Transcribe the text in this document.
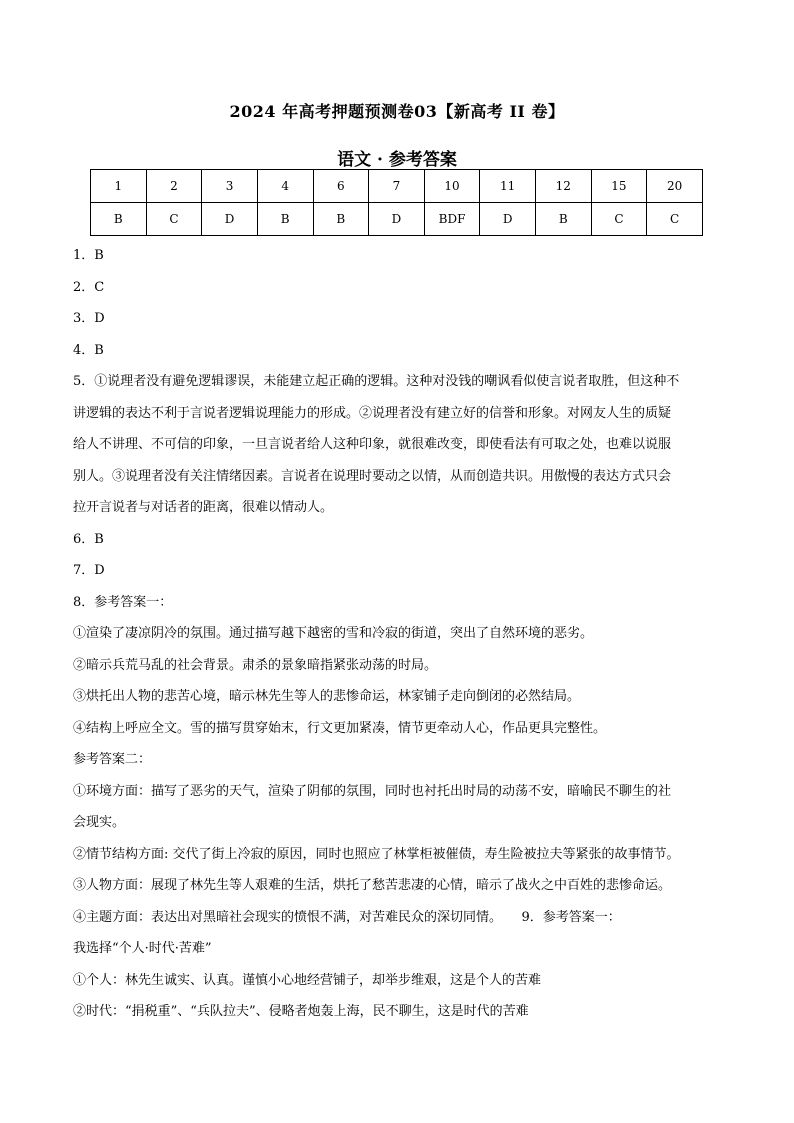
2024 年高考押题预测卷03【新高考 II 卷】
语文 · 参考答案
1	2	3	4	6	7	10	11	12	15	20
B	C	D	B	B	D	BDF	D	B	C	C

1．B

2．C

3．D

4．B

5．①说理者没有避免逻辑谬误，未能建立起正确的逻辑。这种对没钱的嘲讽看似使言说者取胜，但这种不

讲逻辑的表达不利于言说者逻辑说理能力的形成。②说理者没有建立好的信誉和形象。对网友人生的质疑

给人不讲理、不可信的印象，一旦言说者给人这种印象，就很难改变，即使看法有可取之处，也难以说服

别人。③说理者没有关注情绪因素。言说者在说理时要动之以情，从而创造共识。用傲慢的表达方式只会

拉开言说者与对话者的距离，很难以情动人。

6．B

7．D

8．参考答案一：

①渲染了凄凉阴冷的氛围。通过描写越下越密的雪和冷寂的街道，突出了自然环境的恶劣。

②暗示兵荒马乱的社会背景。肃杀的景象暗指紧张动荡的时局。

③烘托出人物的悲苦心境，暗示林先生等人的悲惨命运，林家铺子走向倒闭的必然结局。

④结构上呼应全文。雪的描写贯穿始末，行文更加紧凑，情节更牵动人心，作品更具完整性。

参考答案二：

①环境方面：描写了恶劣的天气，渲染了阴郁的氛围，同时也衬托出时局的动荡不安，暗喻民不聊生的社

会现实。

②情节结构方面: 交代了街上冷寂的原因，同时也照应了林掌柜被催债，寿生险被拉夫等紧张的故事情节。

③人物方面：展现了林先生等人艰难的生活，烘托了愁苦悲凄的心情，暗示了战火之中百姓的悲惨命运。

④主题方面：表达出对黑暗社会现实的愤恨不满，对苦难民众的深切同情。　　9．参考答案一：

我选择“个人·时代·苦难”

①个人：林先生诚实、认真。谨慎小心地经营铺子，却举步维艰，这是个人的苦难

②时代：“捐税重”、“兵队拉夫”、侵略者炮轰上海，民不聊生，这是时代的苦难
